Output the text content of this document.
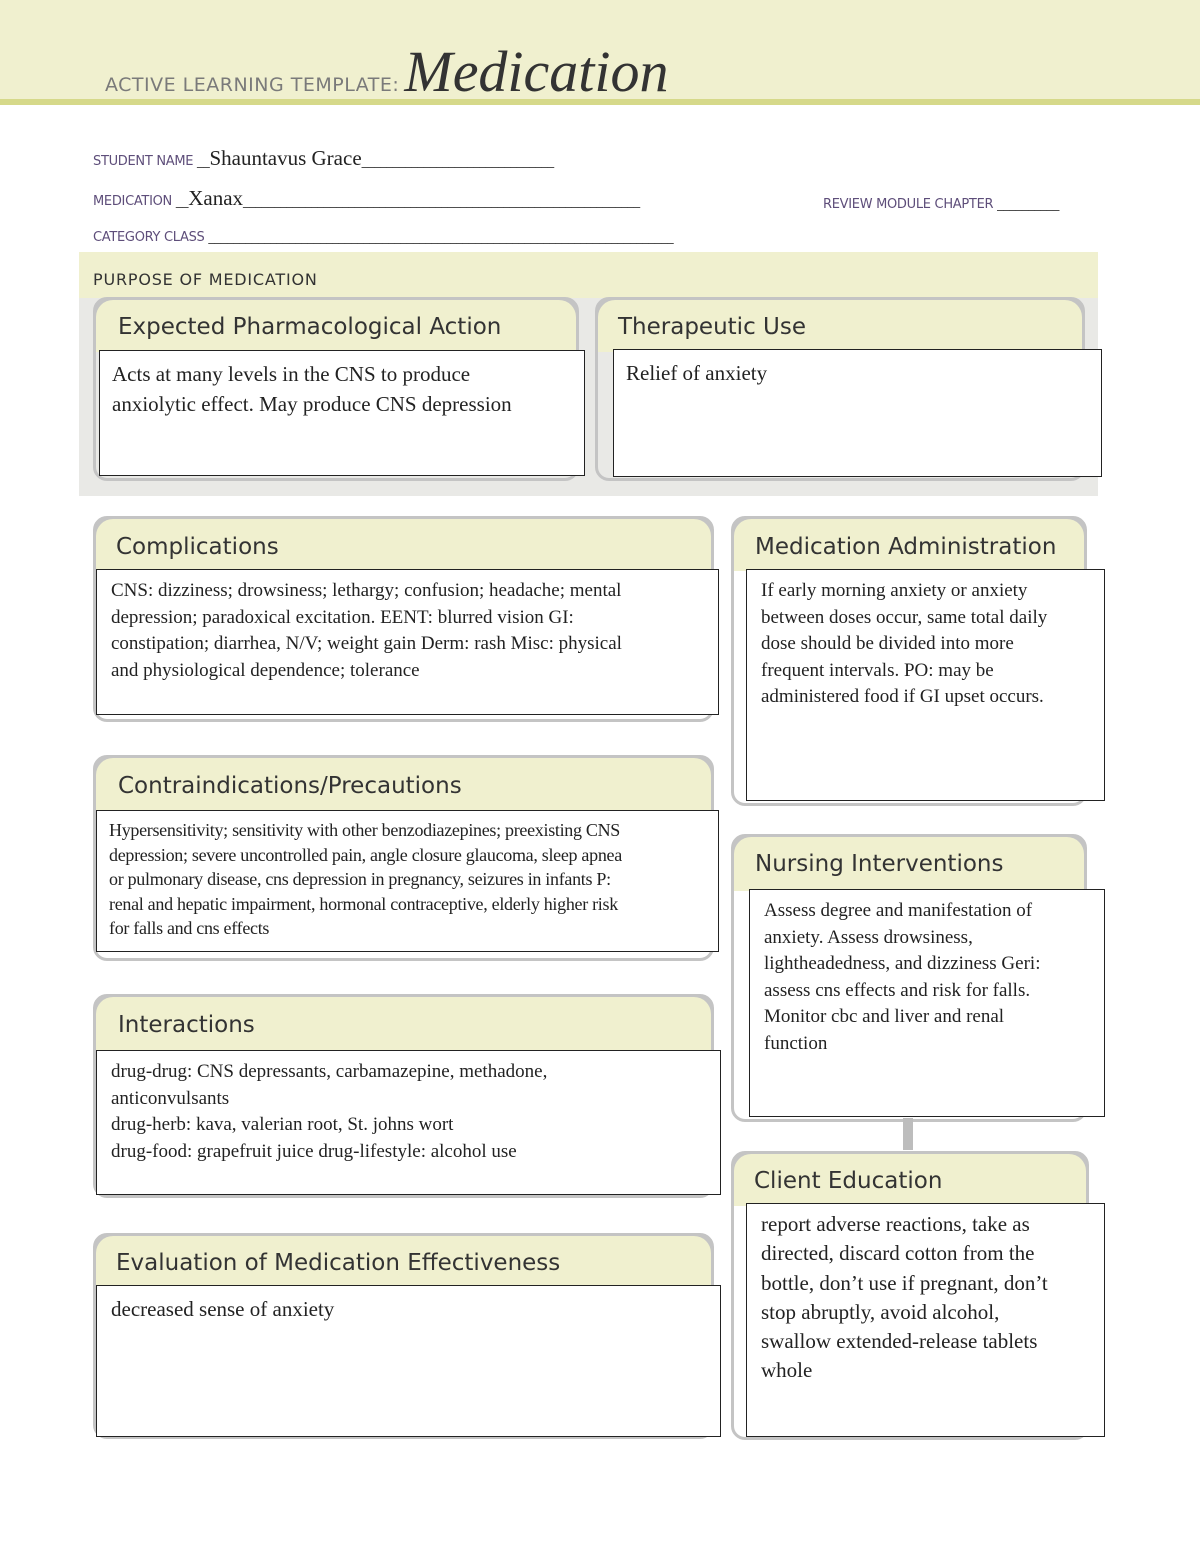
ACTIVE LEARNING TEMPLATE: Medication
STUDENT NAME __Shauntavus Grace_______________________________
MEDICATION __Xanax________________________________________________________________	REVIEW MODULE CHAPTER __________
CATEGORY CLASS ___________________________________________________________________________
PURPOSE OF MEDICATION
Expected Pharmacological Action
Acts at many levels in the CNS to produce
anxiolytic effect. May produce CNS depression
Therapeutic Use
Relief of anxiety
Complications
CNS: dizziness; drowsiness; lethargy; confusion; headache; mental
depression; paradoxical excitation. EENT: blurred vision GI:
constipation; diarrhea, N/V; weight gain Derm: rash Misc: physical
and physiological dependence; tolerance
Medication Administration
If early morning anxiety or anxiety
between doses occur, same total daily
dose should be divided into more
frequent intervals. PO: may be
administered food if GI upset occurs.
Contraindications/Precautions
Hypersensitivity; sensitivity with other benzodiazepines; preexisting CNS
depression; severe uncontrolled pain, angle closure glaucoma, sleep apnea
or pulmonary disease, cns depression in pregnancy, seizures in infants P:
renal and hepatic impairment, hormonal contraceptive, elderly higher risk
for falls and cns effects
Nursing Interventions
Assess degree and manifestation of
anxiety. Assess drowsiness,
lightheadedness, and dizziness Geri:
assess cns effects and risk for falls.
Monitor cbc and liver and renal
function
Interactions
drug-drug: CNS depressants, carbamazepine, methadone,
anticonvulsants
drug-herb: kava, valerian root, St. johns wort
drug-food: grapefruit juice drug-lifestyle: alcohol use
Client Education
report adverse reactions, take as
directed, discard cotton from the
bottle, don’t use if pregnant, don’t
stop abruptly, avoid alcohol,
swallow extended-release tablets
whole
Evaluation of Medication Effectiveness
decreased sense of anxiety
